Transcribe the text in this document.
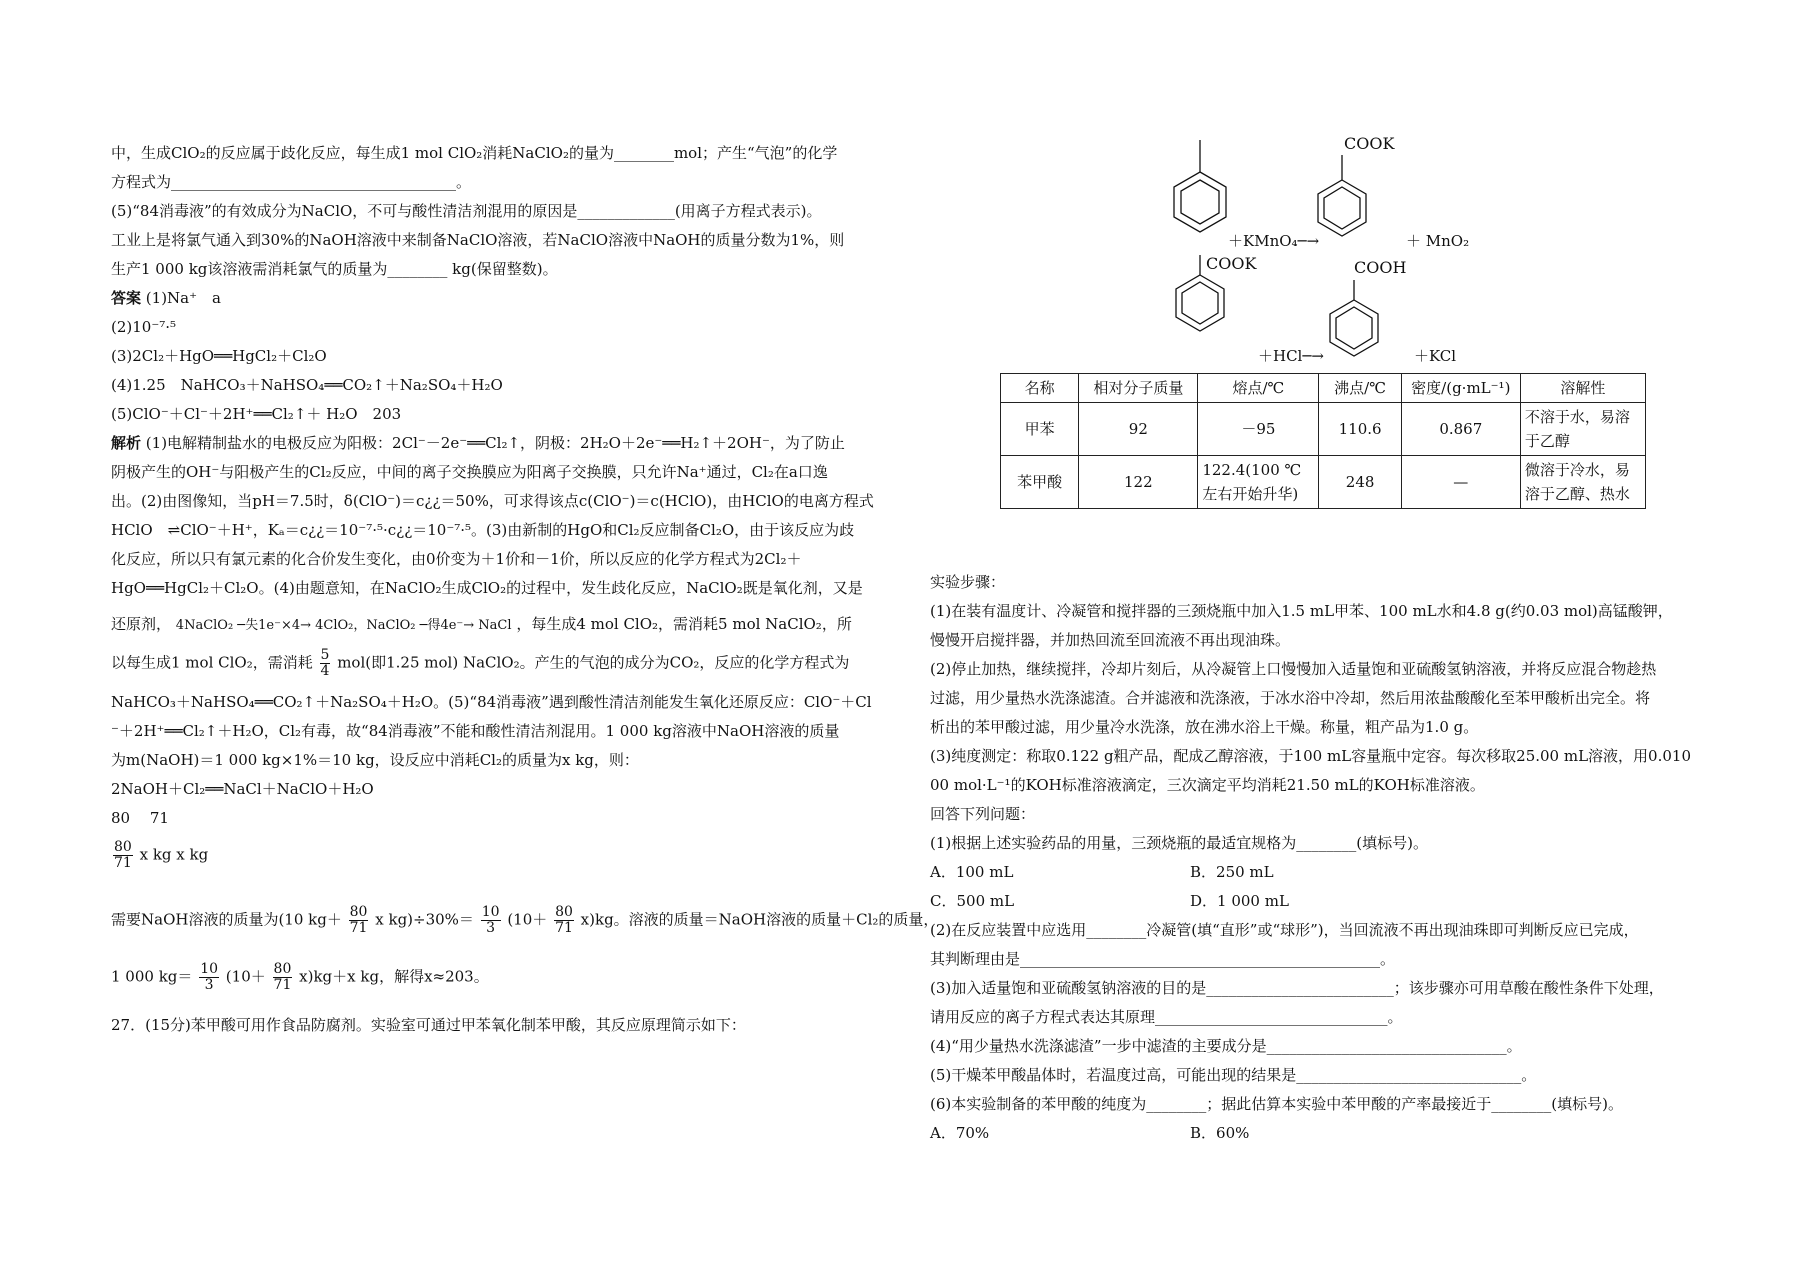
中，生成ClO₂的反应属于歧化反应，每生成1 mol ClO₂消耗NaClO₂的量为________mol；产生“气泡”的化学
方程式为______________________________________。
(5)“84消毒液”的有效成分为NaClO，不可与酸性清洁剂混用的原因是_____________(用离子方程式表示)。
工业上是将氯气通入到30%的NaOH溶液中来制备NaClO溶液，若NaClO溶液中NaOH的质量分数为1%，则
生产1 000 kg该溶液需消耗氯气的质量为________ kg(保留整数)。
答案 (1)Na⁺　a
(2)10⁻⁷·⁵
(3)2Cl₂＋HgO══HgCl₂＋Cl₂O
(4)1.25　NaHCO₃＋NaHSO₄══CO₂↑＋Na₂SO₄＋H₂O
(5)ClO⁻＋Cl⁻＋2H⁺══Cl₂↑＋ H₂O　203
解析 (1)电解精制盐水的电极反应为阳极：2Cl⁻－2e⁻══Cl₂↑，阴极：2H₂O＋2e⁻══H₂↑＋2OH⁻，为了防止
阴极产生的OH⁻与阳极产生的Cl₂反应，中间的离子交换膜应为阳离子交换膜，只允许Na⁺通过，Cl₂在a口逸
出。(2)由图像知，当pH＝7.5时，δ(ClO⁻)＝c¿¿＝50%，可求得该点c(ClO⁻)＝c(HClO)，由HClO的电离方程式
HClO　⇌ClO⁻＋H⁺，Kₐ＝c¿¿＝10⁻⁷·⁵·c¿¿＝10⁻⁷·⁵。(3)由新制的HgO和Cl₂反应制备Cl₂O，由于该反应为歧
化反应，所以只有氯元素的化合价发生变化，由0价变为＋1价和－1价，所以反应的化学方程式为2Cl₂＋
HgO══HgCl₂＋Cl₂O。(4)由题意知，在NaClO₂生成ClO₂的过程中，发生歧化反应，NaClO₂既是氧化剂，又是
还原剂， 4NaClO₂ ─失1e⁻×4→ 4ClO₂，NaClO₂ ─得4e⁻→ NaCl ，每生成4 mol ClO₂，需消耗5 mol NaClO₂，所
以每生成1 mol ClO₂，需消耗 $\frac{5}{4} mol$(即1.25 mol) NaClO₂。产生的气泡的成分为CO₂，反应的化学方程式为
NaHCO₃＋NaHSO₄══CO₂↑＋Na₂SO₄＋H₂O。(5)“84消毒液”遇到酸性清洁剂能发生氧化还原反应：ClO⁻＋Cl
⁻＋2H⁺══Cl₂↑＋H₂O，Cl₂有毒，故“84消毒液”不能和酸性清洁剂混用。1 000 kg溶液中NaOH溶液的质量
为m(NaOH)＝1 000 kg×1%＝10 kg，设反应中消耗Cl₂的质量为x kg，则：
2NaOH＋Cl₂══NaCl＋NaClO＋H₂O
80　 71
$\frac{80}{71}$ x kg x kg
需要NaOH溶液的质量为(10 $kg+ \frac{80}{71}$ x $kg)\div 30\%= \frac{10}{3} (10+ \frac{80}{71} x)kg$。溶液的质量＝NaOH溶液的质量＋Cl₂的质量，
1 000 $kg= \frac{10}{3} (10+ \frac{80}{71} x)kg+x$ kg，解得x≈203。
27．(15分)苯甲酸可用作食品防腐剂。实验室可通过甲苯氧化制苯甲酸，其反应原理简示如下：
COOK
＋KMnO₄─→	＋ MnO₂
COOK	COOH
＋HCl─→	＋KCl
名称	相对分子质量	熔点/℃	沸点/℃	密度/(g·mL⁻¹)	溶解性
甲苯	92	－95	110.6	0.867	不溶于水，易溶于乙醇
苯甲酸	122	122.4(100 ℃左右开始升华)	248	—	微溶于冷水，易溶于乙醇、热水
实验步骤：
(1)在装有温度计、冷凝管和搅拌器的三颈烧瓶中加入1.5 mL甲苯、100 mL水和4.8 g(约0.03 mol)高锰酸钾，
慢慢开启搅拌器，并加热回流至回流液不再出现油珠。
(2)停止加热，继续搅拌，冷却片刻后，从冷凝管上口慢慢加入适量饱和亚硫酸氢钠溶液，并将反应混合物趁热
过滤，用少量热水洗涤滤渣。合并滤液和洗涤液，于冰水浴中冷却，然后用浓盐酸酸化至苯甲酸析出完全。将
析出的苯甲酸过滤，用少量冷水洗涤，放在沸水浴上干燥。称量，粗产品为1.0 g。
(3)纯度测定：称取0.122 g粗产品，配成乙醇溶液，于100 mL容量瓶中定容。每次移取25.00 mL溶液，用0.010
00 mol·L⁻¹的KOH标准溶液滴定，三次滴定平均消耗21.50 mL的KOH标准溶液。
回答下列问题：
(1)根据上述实验药品的用量，三颈烧瓶的最适宜规格为________(填标号)。
A．100 mL	B．250 mL
C．500 mL	D．1 000 mL
(2)在反应装置中应选用________冷凝管(填“直形”或“球形”)，当回流液不再出现油珠即可判断反应已完成，
其判断理由是________________________________________________。
(3)加入适量饱和亚硫酸氢钠溶液的目的是_________________________；该步骤亦可用草酸在酸性条件下处理，
请用反应的离子方程式表达其原理_______________________________。
(4)“用少量热水洗涤滤渣”一步中滤渣的主要成分是________________________________。
(5)干燥苯甲酸晶体时，若温度过高，可能出现的结果是______________________________。
(6)本实验制备的苯甲酸的纯度为________；据此估算本实验中苯甲酸的产率最接近于________(填标号)。
A．70%	B．60%
